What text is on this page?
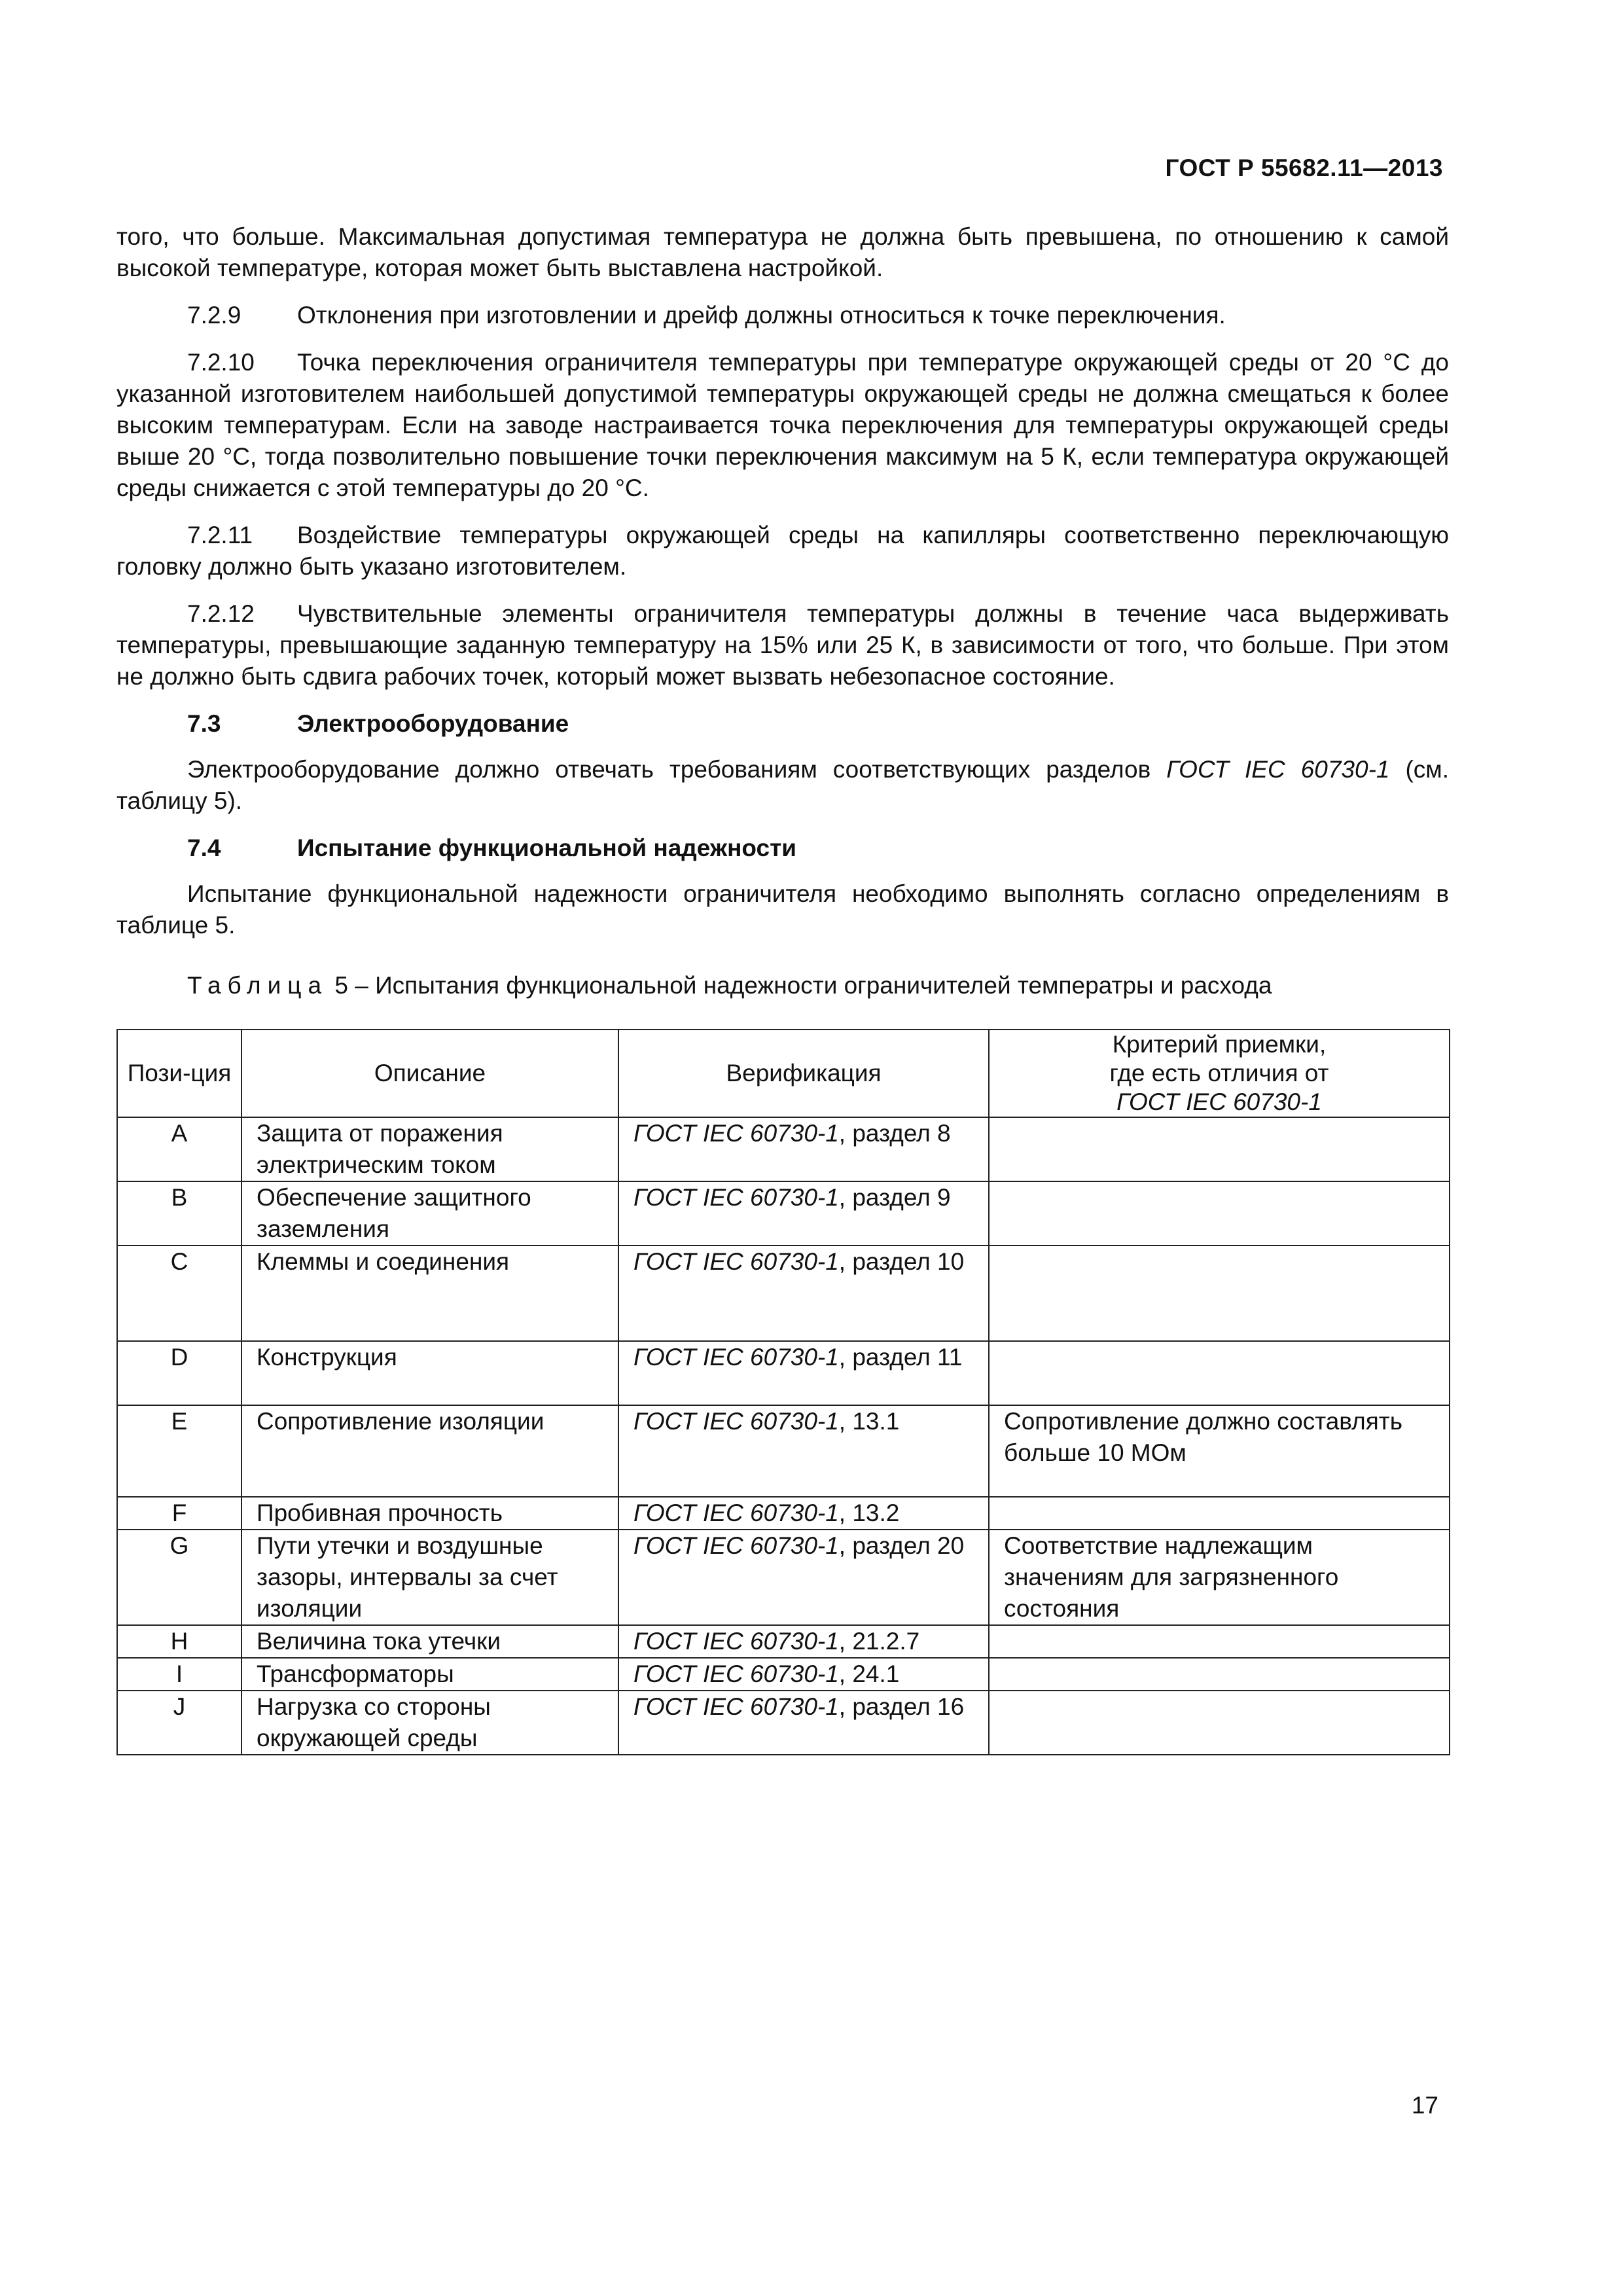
ГОСТ Р 55682.11—2013

того, что больше. Максимальная допустимая температура не должна быть превышена, по отношению к самой высокой температуре, которая может быть выставлена настройкой.

7.2.9 Отклонения при изготовлении и дрейф должны относиться к точке переключения.

7.2.10 Точка переключения ограничителя температуры при температуре окружающей среды от 20 °С до указанной изготовителем наибольшей допустимой температуры окружающей среды не должна смещаться к более высоким температурам. Если на заводе настраивается точка переключения для температуры окружающей среды выше 20 °С, тогда позволительно повышение точки переключения максимум на 5 К, если температура окружающей среды снижается с этой температуры до 20 °С.

7.2.11 Воздействие температуры окружающей среды на капилляры соответственно переключающую головку должно быть указано изготовителем.

7.2.12 Чувствительные элементы ограничителя температуры должны в течение часа выдерживать температуры, превышающие заданную температуру на 15% или 25 К, в зависимости от того, что больше. При этом не должно быть сдвига рабочих точек, который может вызвать небезопасное состояние.

7.3	Электрооборудование

Электрооборудование должно отвечать требованиям соответствующих разделов ГОСТ IEC 60730-1 (см. таблицу 5).

7.4	Испытание функциональной надежности

Испытание функциональной надежности ограничителя необходимо выполнять согласно определениям в таблице 5.

Таблица 5 – Испытания функциональной надежности ограничителей температры и расхода
Пози-ция	Описание	Верификация	Критерий приемки,
где есть отличия от
ГОСТ IEC 60730-1
A	Защита от поражения электрическим током	ГОСТ IEC 60730-1, раздел 8	
B	Обеспечение защитного заземления	ГОСТ IEC 60730-1, раздел 9	
C	Клеммы и соединения	ГОСТ IEC 60730-1, раздел 10	
D	Конструкция	ГОСТ IEC 60730-1, раздел 11	
E	Сопротивление изоляции	ГОСТ IEC 60730-1, 13.1	Сопротивление должно составлять больше 10 МОм
F	Пробивная прочность	ГОСТ IEC 60730-1, 13.2	
G	Пути утечки и воздушные зазоры, интервалы за счет изоляции	ГОСТ IEC 60730-1, раздел 20	Соответствие надлежащим значениям для загрязненного состояния
H	Величина тока утечки	ГОСТ IEC 60730-1, 21.2.7	
I	Трансформаторы	ГОСТ IEC 60730-1, 24.1	
J	Нагрузка со стороны окружающей среды	ГОСТ IEC 60730-1, раздел 16	
17
